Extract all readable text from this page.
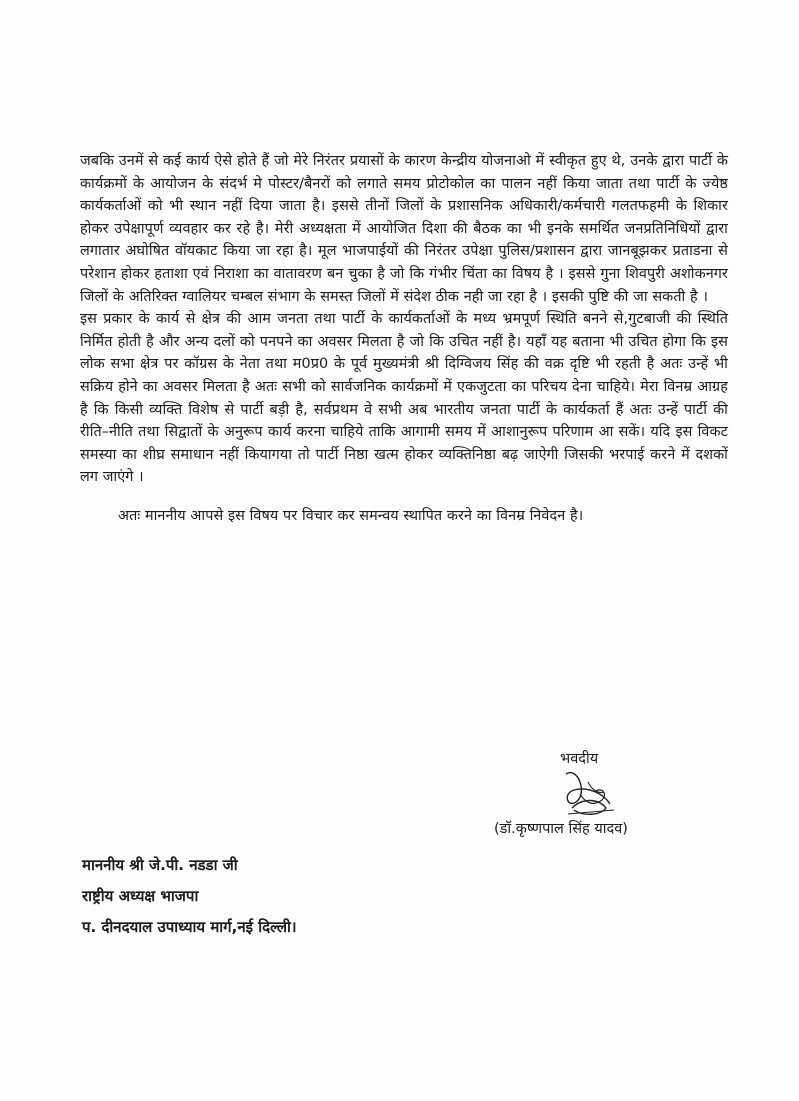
जबकि उनमें से कई कार्य ऐसे होते हैं जो मेरे निरंतर प्रयासों के कारण केन्द्रीय योजनाओ में स्वीकृत हुए थे, उनके द्वारा पार्टी के कार्यक्रमों के आयोजन के संदर्भ मे पोस्टर/बैनरों को लगाते समय प्रोटोकोल का पालन नहीं किया जाता तथा पार्टी के ज्येष्ठ कार्यकर्ताओं को भी स्थान नहीं दिया जाता है। इससे तीनों जिलों के प्रशासनिक अधिकारी/कर्मचारी गलतफहमी के शिकार होकर उपेक्षापूर्ण व्यवहार कर रहे है। मेरी अध्यक्षता में आयोजित दिशा की बैठक का भी इनके समर्थित जनप्रतिनिधियों द्वारा लगातार अघोषित वॉयकाट किया जा रहा है। मूल भाजपाईयों की निरंतर उपेक्षा पुलिस/प्रशासन द्वारा जानबूझकर प्रताडना से परेशान होकर हताशा एवं निराशा का वातावरण बन चुका है जो कि गंभीर चिंता का विषय है । इससे गुना शिवपुरी अशोकनगर जिलों के अतिरिक्त ग्वालियर चम्बल संभाग के समस्त जिलों में संदेश ठीक नही जा रहा है । इसकी पुष्टि की जा सकती है ।

इस प्रकार के कार्य से क्षेत्र की आम जनता तथा पार्टी के कार्यकर्ताओं के मध्य भ्रमपूर्ण स्थिति बनने से,गुटबाजी की स्थिति निर्मित होती है और अन्य दलों को पनपने का अवसर मिलता है जो कि उचित नहीं है। यहाँ यह बताना भी उचित होगा कि इस लोक सभा क्षेत्र पर कॉग्रस के नेता तथा म0प्र0 के पूर्व मुख्यमंत्री श्री दिग्विजय सिंह की वक्र दृष्टि भी रहती है अतः उन्हें भी सक्रिय होने का अवसर मिलता है अतः सभी को सार्वजनिक कार्यक्रमों में एकजुटता का परिचय देना चाहिये। मेरा विनम्र आग्रह है कि किसी व्यक्ति विशेष से पार्टी बड़ी है, सर्वप्रथम वे सभी अब भारतीय जनता पार्टी के कार्यकर्ता हैं अतः उन्हें पार्टी की रीति–नीति तथा सिद्वातों के अनुरूप कार्य करना चाहिये ताकि आगामी समय में आशानुरूप परिणाम आ सकें। यदि इस विकट समस्या का शीघ्र समाधान नहीं कियागया तो पार्टी निष्ठा खत्म होकर व्यक्तिनिष्ठा बढ़ जाऐगी जिसकी भरपाई करने में दशकों लग जाएंगे ।

अतः माननीय आपसे इस विषय पर विचार कर समन्वय स्थापित करने का विनम्र निवेदन है।

भवदीय
(डॉ.कृष्णपाल सिंह यादव)
माननीय श्री जे.पी. नडडा जी
राष्ट्रीय अध्यक्ष भाजपा
प. दीनदयाल उपाध्याय मार्ग,नई दिल्ली।
